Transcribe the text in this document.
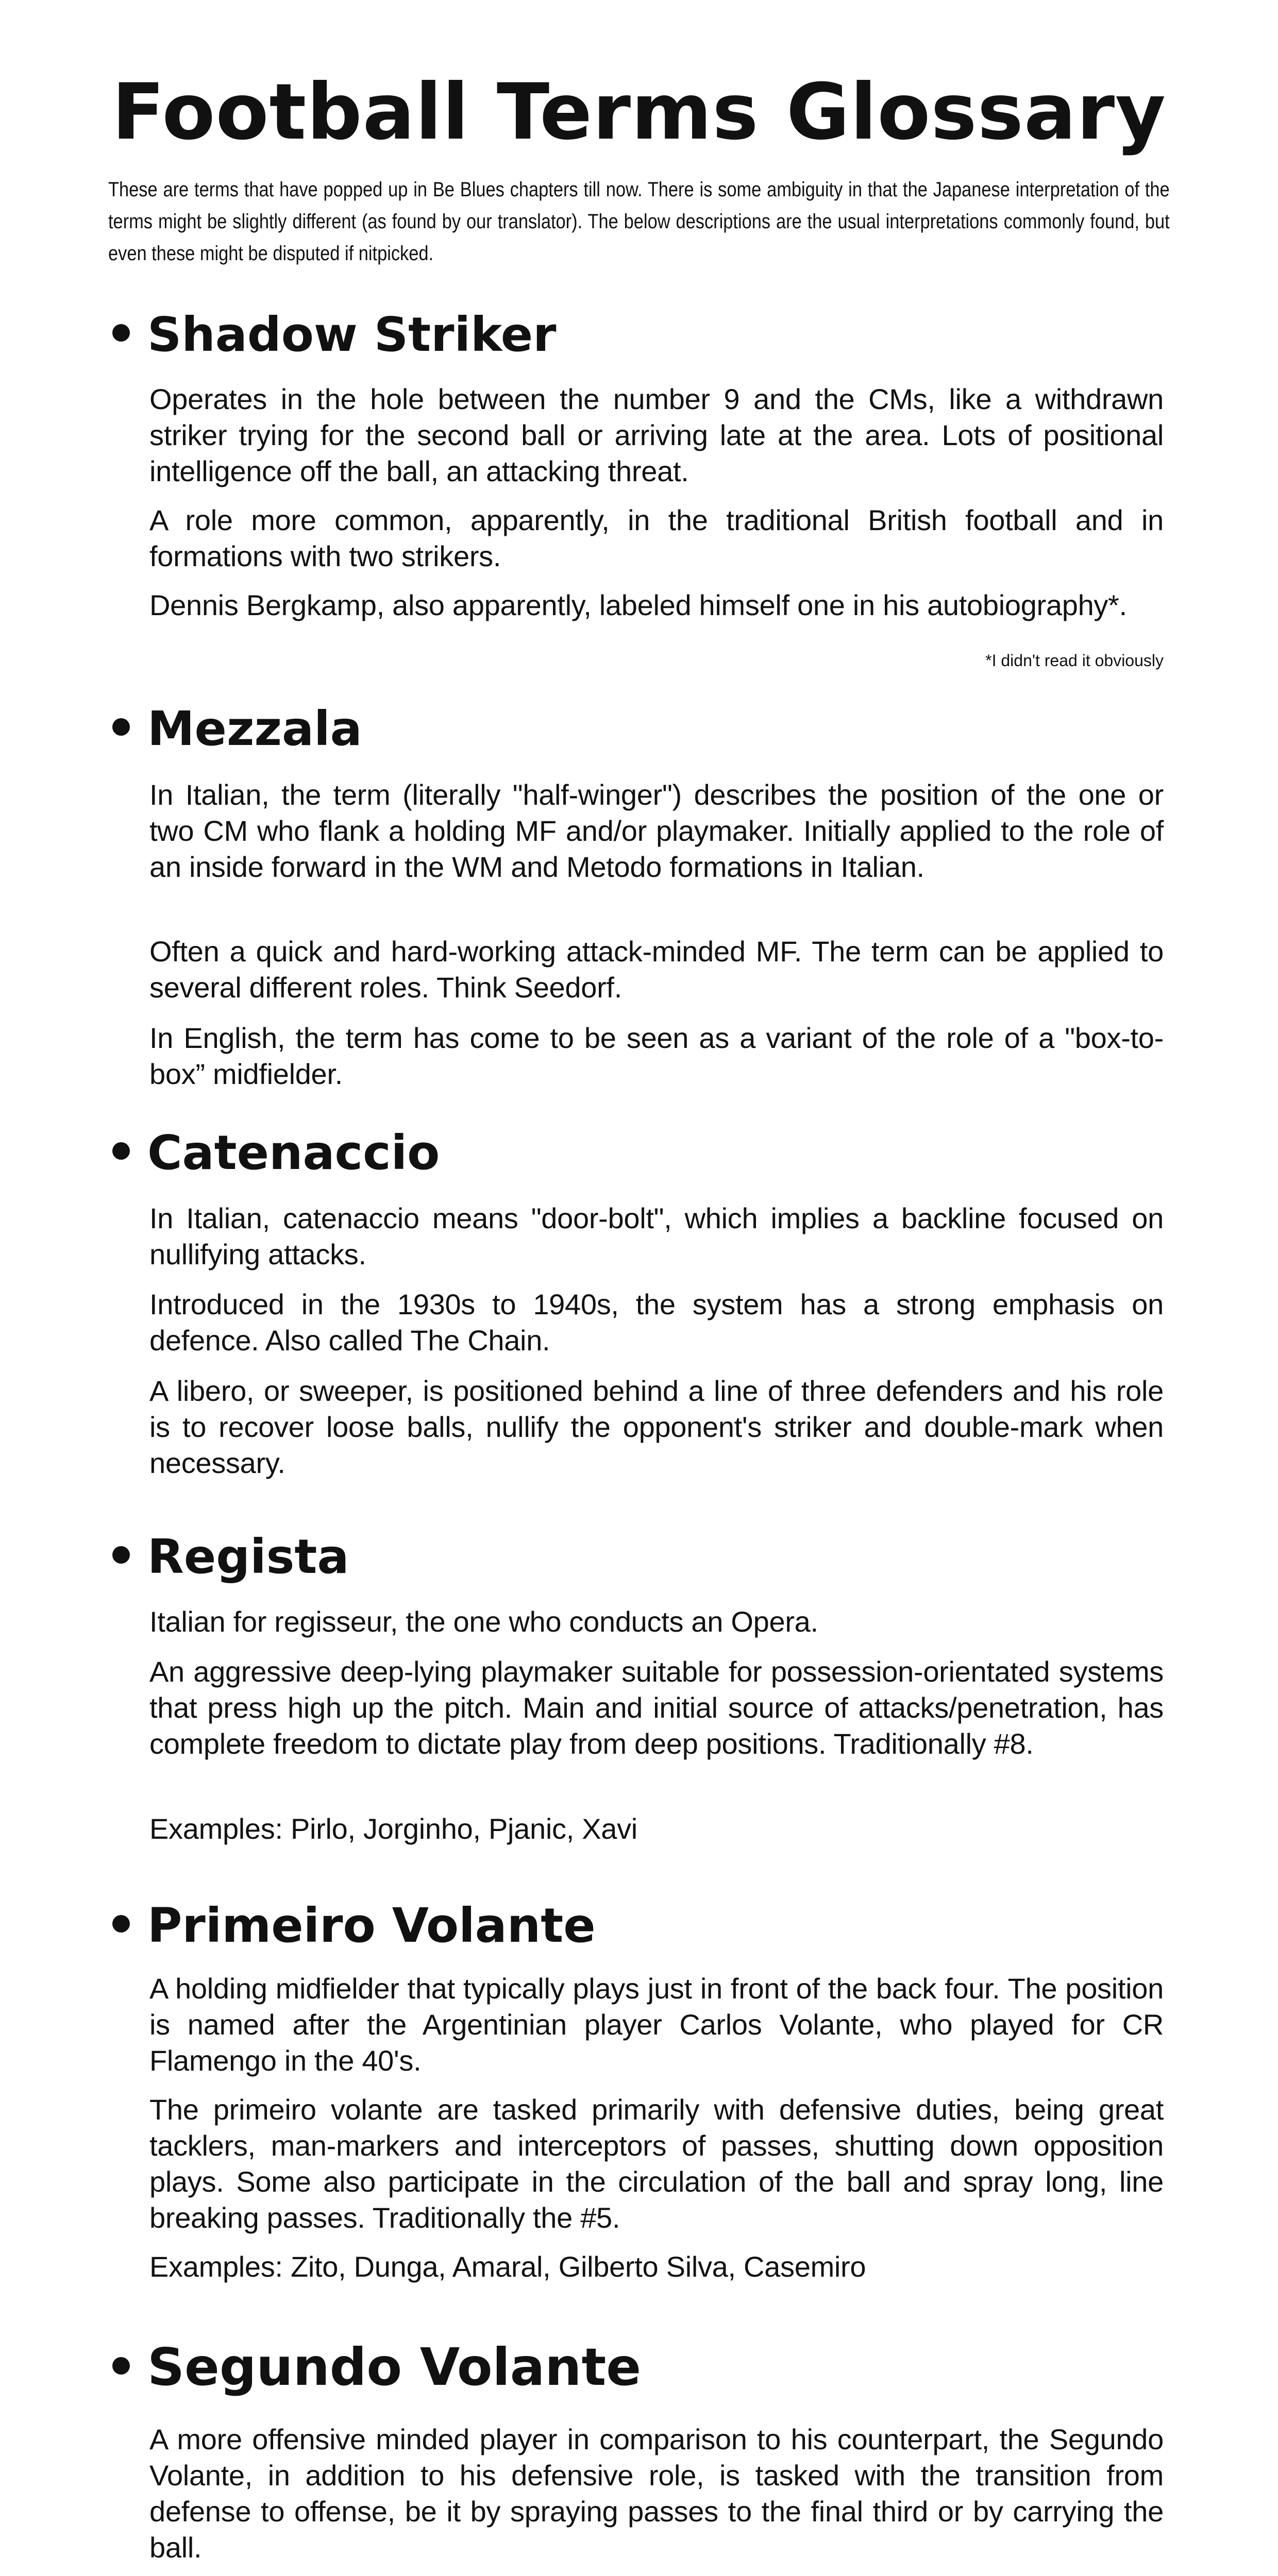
Football Terms Glossary

These are terms that have popped up in Be Blues chapters till now. There is some ambiguity in that the Japanese interpretation of the terms might be slightly different (as found by our translator). The below descriptions are the usual interpretations commonly found, but even these might be disputed if nitpicked.

Shadow Striker

Operates in the hole between the number 9 and the CMs, like a withdrawn striker trying for the second ball or arriving late at the area. Lots of positional intelligence off the ball, an attacking threat.

A role more common, apparently, in the traditional British football and in formations with two strikers.

Dennis Bergkamp, also apparently, labeled himself one in his autobiography*.

*I didn't read it obviously

Mezzala

In Italian, the term (literally "half-winger") describes the position of the one or two CM who flank a holding MF and/or playmaker. Initially applied to the role of an inside forward in the WM and Metodo formations in Italian.

Often a quick and hard-working attack-minded MF. The term can be applied to several different roles. Think Seedorf.

In English, the term has come to be seen as a variant of the role of a "box-to-box” midfielder.

Catenaccio

In Italian, catenaccio means "door-bolt", which implies a backline focused on nullifying attacks.

Introduced in the 1930s to 1940s, the system has a strong emphasis on defence. Also called The Chain.

A libero, or sweeper, is positioned behind a line of three defenders and his role is to recover loose balls, nullify the opponent's striker and double-mark when necessary.

Regista

Italian for regisseur, the one who conducts an Opera.

An aggressive deep-lying playmaker suitable for possession-orientated systems that press high up the pitch. Main and initial source of attacks/penetration, has complete freedom to dictate play from deep positions. Traditionally #8.

Examples: Pirlo, Jorginho, Pjanic, Xavi

Primeiro Volante

A holding midfielder that typically plays just in front of the back four. The position is named after the Argentinian player Carlos Volante, who played for CR Flamengo in the 40's.

The primeiro volante are tasked primarily with defensive duties, being great tacklers, man-markers and interceptors of passes, shutting down opposition plays. Some also participate in the circulation of the ball and spray long, line breaking passes. Traditionally the #5.

Examples: Zito, Dunga, Amaral, Gilberto Silva, Casemiro

Segundo Volante

A more offensive minded player in comparison to his counterpart, the Segundo Volante, in addition to his defensive role, is tasked with the transition from defense to offense, be it by spraying passes to the final third or by carrying the ball.
